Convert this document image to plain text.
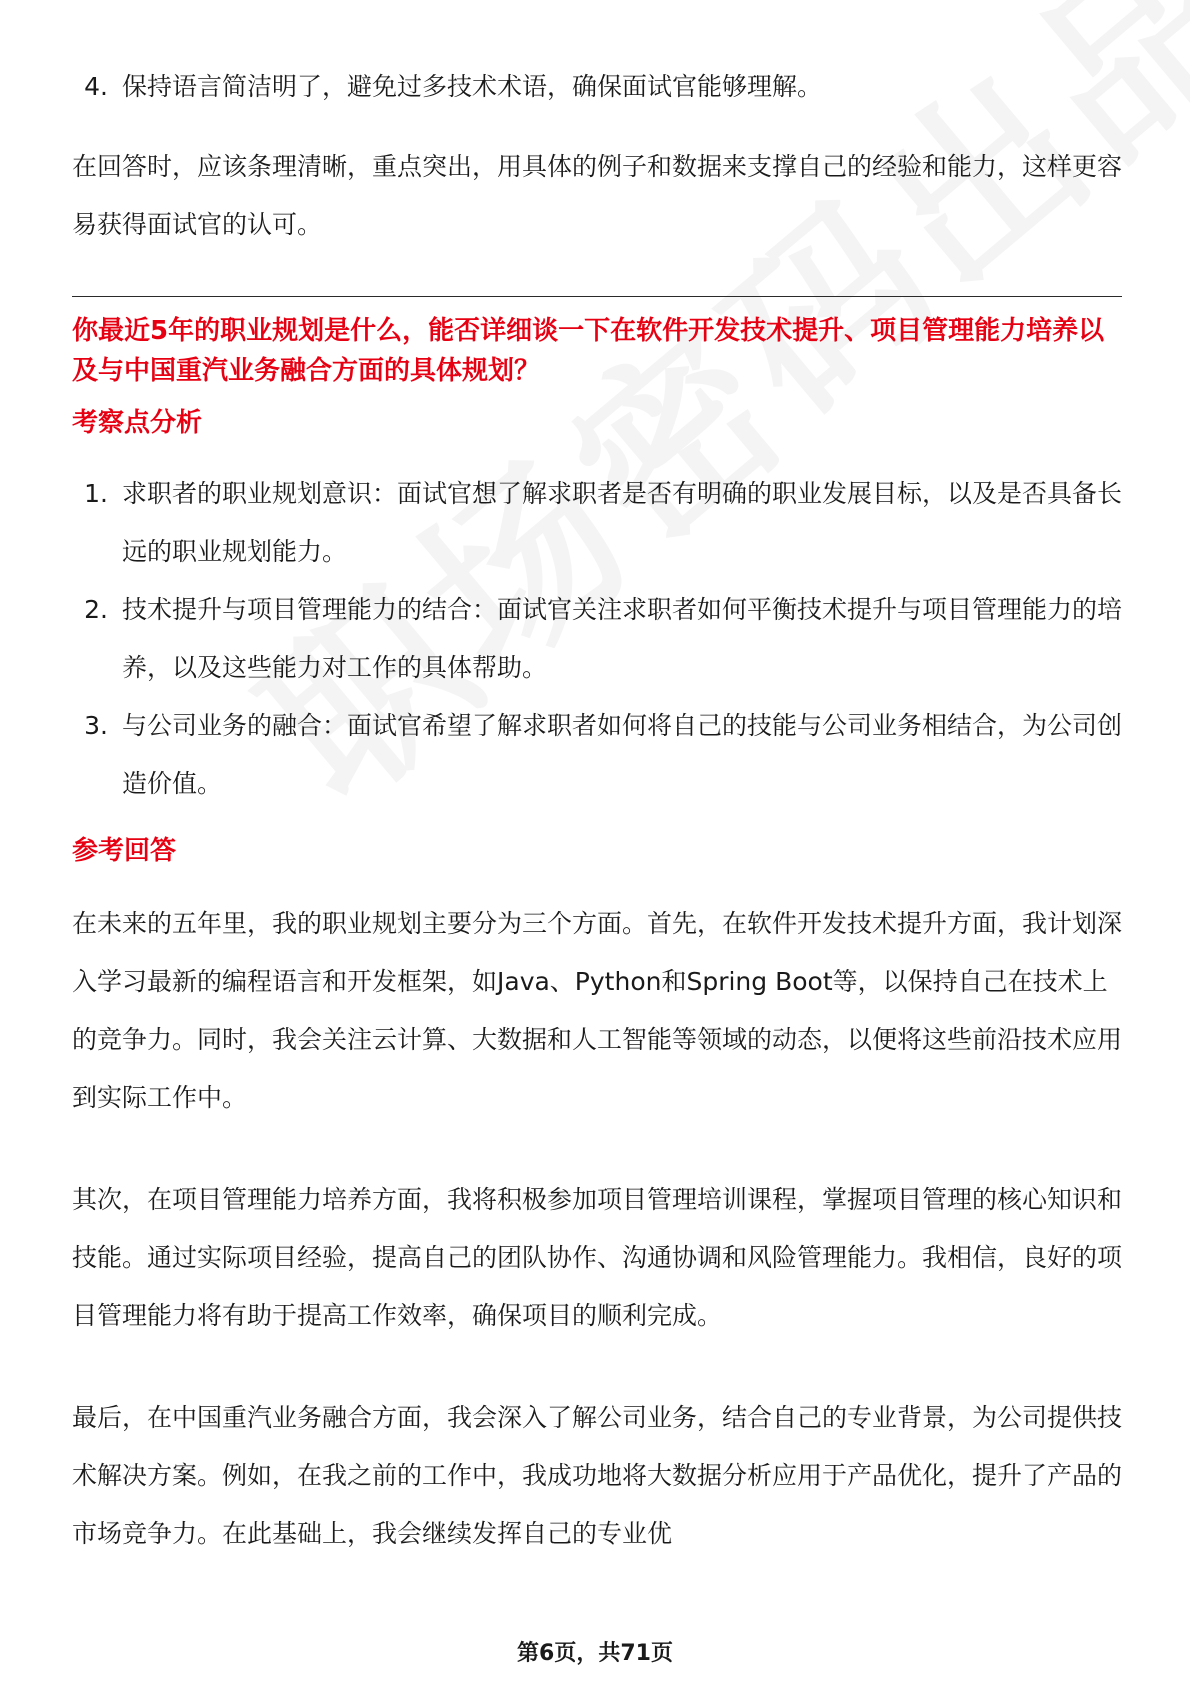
4. 保持语言简洁明了，避免过多技术术语，确保面试官能够理解。

在回答时，应该条理清晰，重点突出，用具体的例子和数据来支撑自己的经验和能力，这样更容易获得面试官的认可。

你最近5年的职业规划是什么，能否详细谈一下在软件开发技术提升、项目管理能力培养以及与中国重汽业务融合方面的具体规划？

考察点分析

1. 求职者的职业规划意识：面试官想了解求职者是否有明确的职业发展目标，以及是否具备长远的职业规划能力。
2. 技术提升与项目管理能力的结合：面试官关注求职者如何平衡技术提升与项目管理能力的培养，以及这些能力对工作的具体帮助。
3. 与公司业务的融合：面试官希望了解求职者如何将自己的技能与公司业务相结合，为公司创造价值。

参考回答

在未来的五年里，我的职业规划主要分为三个方面。首先，在软件开发技术提升方面，我计划深入学习最新的编程语言和开发框架，如Java、Python和Spring Boot等，以保持自己在技术上的竞争力。同时，我会关注云计算、大数据和人工智能等领域的动态，以便将这些前沿技术应用到实际工作中。

其次，在项目管理能力培养方面，我将积极参加项目管理培训课程，掌握项目管理的核心知识和技能。通过实际项目经验，提高自己的团队协作、沟通协调和风险管理能力。我相信，良好的项目管理能力将有助于提高工作效率，确保项目的顺利完成。

最后，在中国重汽业务融合方面，我会深入了解公司业务，结合自己的专业背景，为公司提供技术解决方案。例如，在我之前的工作中，我成功地将大数据分析应用于产品优化，提升了产品的市场竞争力。在此基础上，我会继续发挥自己的专业优

第6页，共71页
